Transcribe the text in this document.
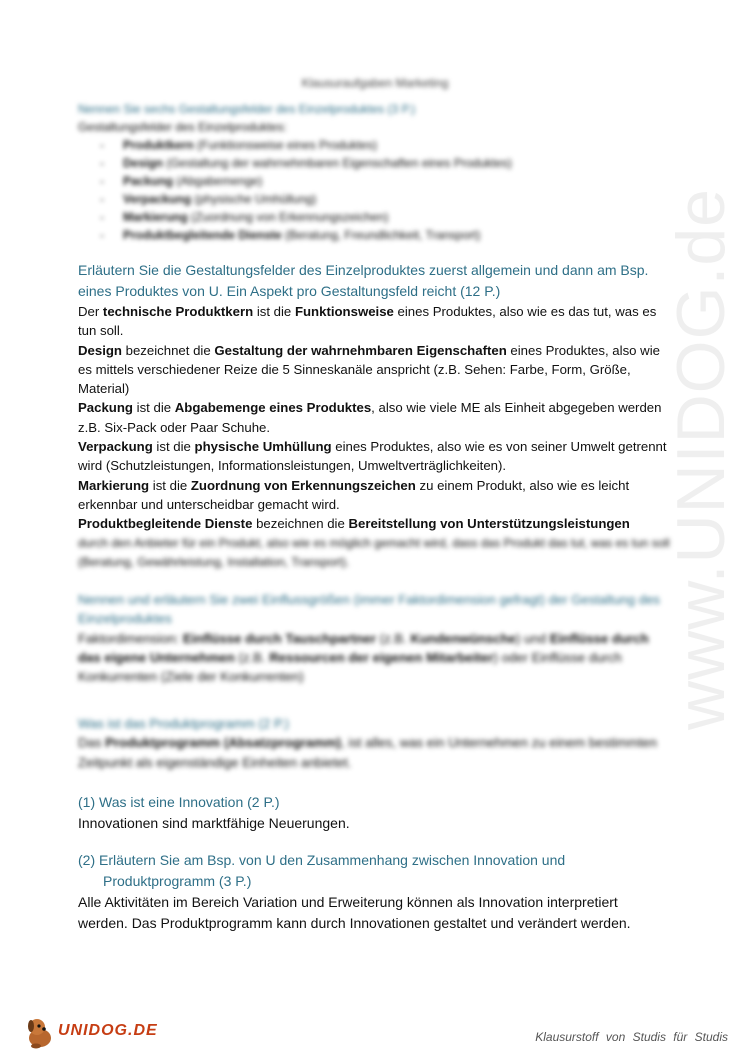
Klausuraufgaben Marketing
Nennen Sie sechs Gestaltungsfelder des Einzelproduktes (3 P.)
Gestaltungsfelder des Einzelproduktes:
- Produktkern (Funktionsweise eines Produktes)
- Design (Gestaltung der wahrnehmbaren Eigenschaften eines Produktes)
- Packung (Abgabemenge)
- Verpackung (physische Umhüllung)
- Markierung (Zuordnung von Erkennungszeichen)
- Produktbegleitende Dienste (Beratung, Freundlichkeit, Transport)
Erläutern Sie die Gestaltungsfelder des Einzelproduktes zuerst allgemein und dann am Bsp. eines Produktes von U. Ein Aspekt pro Gestaltungsfeld reicht (12 P.)
Der technische Produktkern ist die Funktionsweise eines Produktes, also wie es das tut, was es tun soll.
Design bezeichnet die Gestaltung der wahrnehmbaren Eigenschaften eines Produktes, also wie es mittels verschiedener Reize die 5 Sinneskanäle anspricht (z.B. Sehen: Farbe, Form, Größe, Material)
Packung ist die Abgabemenge eines Produktes, also wie viele ME als Einheit abgegeben werden z.B. Six-Pack oder Paar Schuhe.
Verpackung ist die physische Umhüllung eines Produktes, also wie es von seiner Umwelt getrennt wird (Schutzleistungen, Informationsleistungen, Umweltverträglichkeiten).
Markierung ist die Zuordnung von Erkennungszeichen zu einem Produkt, also wie es leicht erkennbar und unterscheidbar gemacht wird.
Produktbegleitende Dienste bezeichnen die Bereitstellung von Unterstützungsleistungen
durch den Anbieter für ein Produkt, also wie es möglich gemacht wird, dass das Produkt das tut, was es tun soll (Beratung, Gewährleistung, Installation, Transport).
Nennen und erläutern Sie zwei Einflussgrößen (immer Faktordimension gefragt) der Gestaltung des Einzelproduktes
Faktordimension: Einflüsse durch Tauschpartner (z.B. Kundenwünsche) und Einflüsse durch das eigene Unternehmen (z.B. Ressourcen der eigenen Mitarbeiter) oder Einflüsse durch Konkurrenten (Ziele der Konkurrenten)
Was ist das Produktprogramm (2 P.)
Das Produktprogramm (Absatzprogramm), ist alles, was ein Unternehmen zu einem bestimmten Zeitpunkt als eigenständige Einheiten anbietet.
(1) Was ist eine Innovation (2 P.)
Innovationen sind marktfähige Neuerungen.
(2) Erläutern Sie am Bsp. von U den Zusammenhang zwischen Innovation und Produktprogramm (3 P.)
Alle Aktivitäten im Bereich Variation und Erweiterung können als Innovation interpretiert werden. Das Produktprogramm kann durch Innovationen gestaltet und verändert werden.
www.UNIDOG.de
UNIDOG.DE	Klausurstoff von Studis für Studis
